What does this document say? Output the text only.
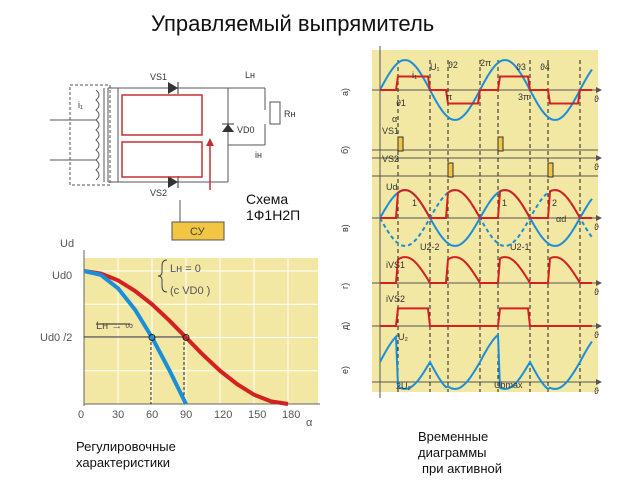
Управляемый выпрямитель
VS1
VS2
VD0
Rн
Lн
i₁
iн
СУ
Схема
1Ф1Н2П
0	30 60 90 120 150 180
Ud
Ud0
Ud0 /2
α
Lн = 0
(с VD0 )
Lн → ∞
Регулировочные
характеристики
ϑ
а)
ϑ
б)
ϑ
в)
ϑ
г)
ϑ
д)
ϑ
е)
U₁
i₁
VS1
VS2
Ud
U2-2	U2-1
iVS1
iVS2
U₂
2U₂	Ubmax
π
2π
3π
α
αd
1	1	2
ϑ1
ϑ2	ϑ3 ϑ4
Временные
диаграммы
при активной
